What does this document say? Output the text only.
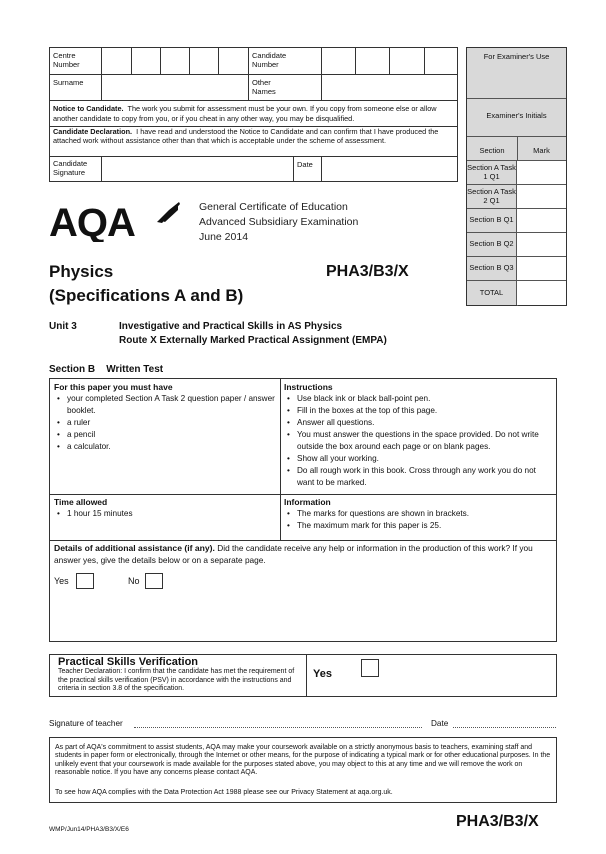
Centre Number
Candidate Number
Surname	Other Names
Notice to Candidate. The work you submit for assessment must be your own. If you copy from someone else or allow another candidate to copy from you, or if you cheat in any other way, you may be disqualified.
Candidate Declaration. I have read and understood the Notice to Candidate and can confirm that I have produced the attached work without assistance other than that which is acceptable under the scheme of assessment.
Candidate Signature
Date
For Examiner's Use
Examiner's Initials
Section	Mark
Section A Task 1 Q1
Section A Task 2 Q1
Section B Q1
Section B Q2
Section B Q3
TOTAL
AQA	General Certificate of Education
Advanced Subsidiary Examination
June 2014
Physics
(Specifications A and B)
PHA3/B3/X
Unit 3	Investigative and Practical Skills in AS Physics
Route X Externally Marked Practical Assignment (EMPA)
Section B Written Test
For this paper you must have
• your completed Section A Task 2 question paper / answer booklet.
• a ruler
• a pencil
• a calculator.
Instructions
• Use black ink or black ball-point pen.
• Fill in the boxes at the top of this page.
• Answer all questions.
• You must answer the questions in the space provided. Do not write outside the box around each page or on blank pages.
• Show all your working.
• Do all rough work in this book. Cross through any work you do not want to be marked.
Time allowed
• 1 hour 15 minutes
Information
• The marks for questions are shown in brackets.
• The maximum mark for this paper is 25.
Details of additional assistance (if any). Did the candidate receive any help or information in the production of this work? If you answer yes, give the details below or on a separate page.
Yes	No
Practical Skills Verification
Teacher Declaration: I confirm that the candidate has met the requirement of the practical skills verification (PSV) in accordance with the instructions and criteria in section 3.8 of the specification.
Yes
Signature of teacher	Date
As part of AQA's commitment to assist students, AQA may make your coursework available on a strictly anonymous basis to teachers, examining staff and students in paper form or electronically, through the Internet or other means, for the purpose of indicating a typical mark or for other educational purposes. In the unlikely event that your coursework is made available for the purposes stated above, you may object to this at any time and we will remove the work on reasonable notice. If you have any concerns please contact AQA.
To see how AQA complies with the Data Protection Act 1988 please see our Privacy Statement at aqa.org.uk.
WMP/Jun14/PHA3/B3/X/E6	PHA3/B3/X
